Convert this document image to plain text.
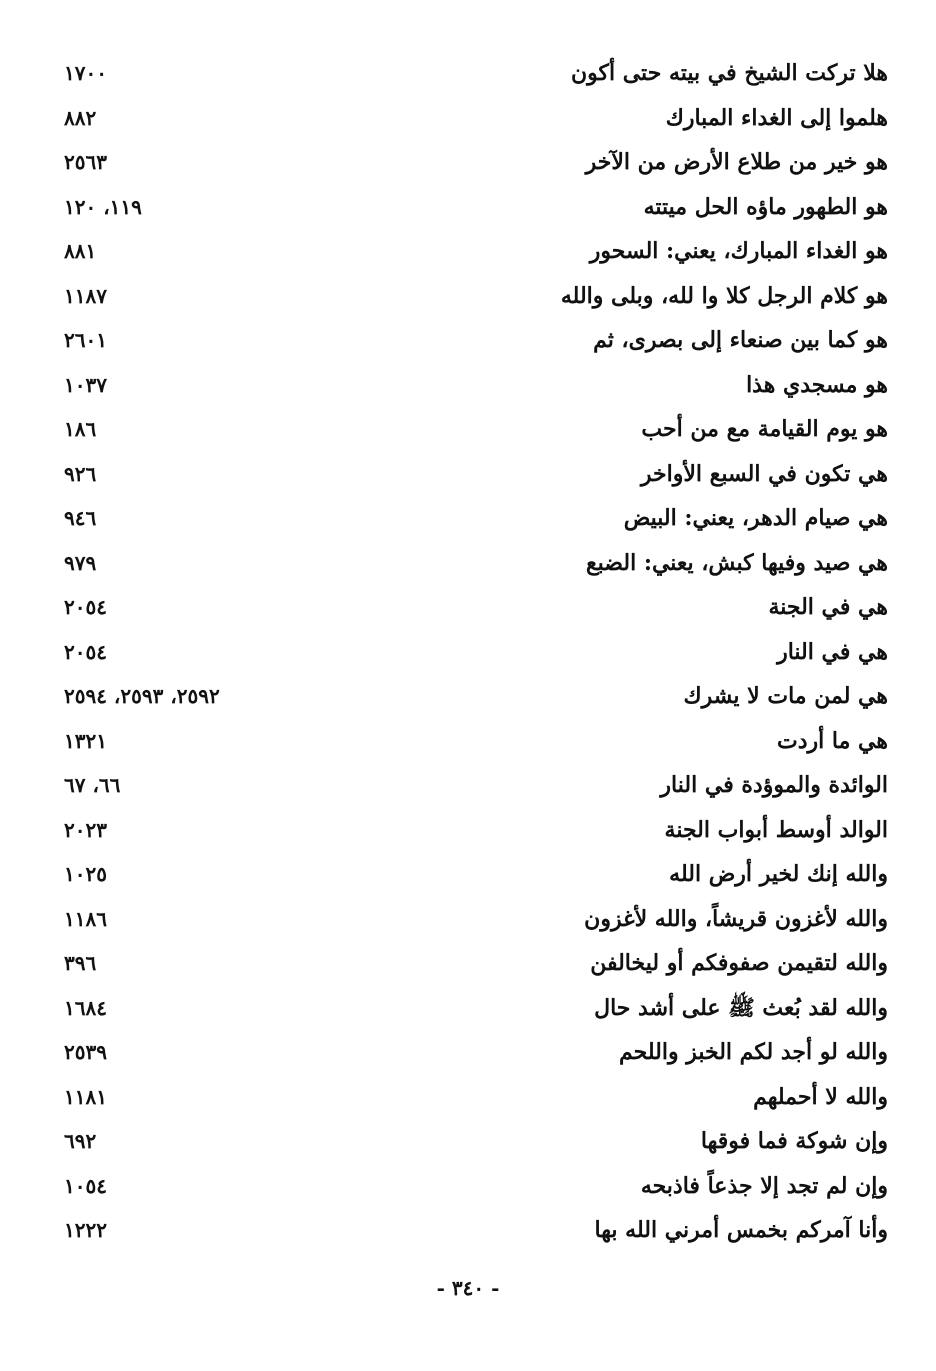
هلا تركت الشيخ في بيته حتى أكون
١٧٠٠
هلموا إلى الغداء المبارك
٨٨٢
هو خير من طلاع الأرض من الآخر
٢٥٦٣
هو الطهور ماؤه الحل ميتته
١١٩، ١٢٠
هو الغداء المبارك، يعني: السحور
٨٨١
هو كلام الرجل كلا وا لله، وبلى والله
١١٨٧
هو كما بين صنعاء إلى بصرى، ثم
٢٦٠١
هو مسجدي هذا
١٠٣٧
هو يوم القيامة مع من أحب
١٨٦
هي تكون في السبع الأواخر
٩٢٦
هي صيام الدهر، يعني: البيض
٩٤٦
هي صيد وفيها كبش، يعني: الضبع
٩٧٩
هي في الجنة
٢٠٥٤
هي في النار
٢٠٥٤
هي لمن مات لا يشرك
٢٥٩٢، ٢٥٩٣، ٢٥٩٤
هي ما أردت
١٣٢١
الوائدة والموؤدة في النار
٦٦، ٦٧
الوالد أوسط أبواب الجنة
٢٠٢٣
والله إنك لخير أرض الله
١٠٢٥
والله لأغزون قريشاً، والله لأغزون
١١٨٦
والله لتقيمن صفوفكم أو ليخالفن
٣٩٦
والله لقد بُعث ﷺ على أشد حال
١٦٨٤
والله لو أجد لكم الخبز واللحم
٢٥٣٩
والله لا أحملهم
١١٨١
وإن شوكة فما فوقها
٦٩٢
وإن لم تجد إلا جذعاً فاذبحه
١٠٥٤
وأنا آمركم بخمس أمرني الله بها
١٢٢٢
- ٣٤٠ -
